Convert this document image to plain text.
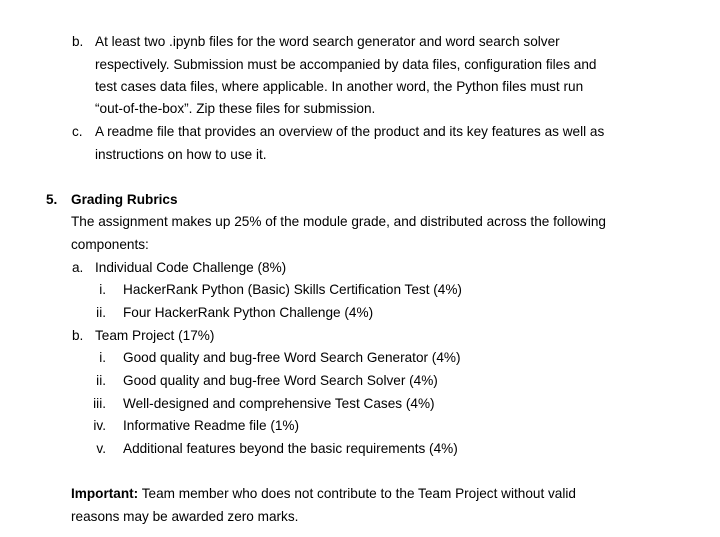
b. At least two .ipynb files for the word search generator and word search solver
respectively. Submission must be accompanied by data files, configuration files and
test cases data files, where applicable. In another word, the Python files must run
“out-of-the-box”. Zip these files for submission.
c. A readme file that provides an overview of the product and its key features as well as
instructions on how to use it.
5. Grading Rubrics
The assignment makes up 25% of the module grade, and distributed across the following
components:
a. Individual Code Challenge (8%)
i. HackerRank Python (Basic) Skills Certification Test (4%)
ii. Four HackerRank Python Challenge (4%)
b. Team Project (17%)
i. Good quality and bug-free Word Search Generator (4%)
ii. Good quality and bug-free Word Search Solver (4%)
iii. Well-designed and comprehensive Test Cases (4%)
iv. Informative Readme file (1%)
v. Additional features beyond the basic requirements (4%)
Important: Team member who does not contribute to the Team Project without valid
reasons may be awarded zero marks.
